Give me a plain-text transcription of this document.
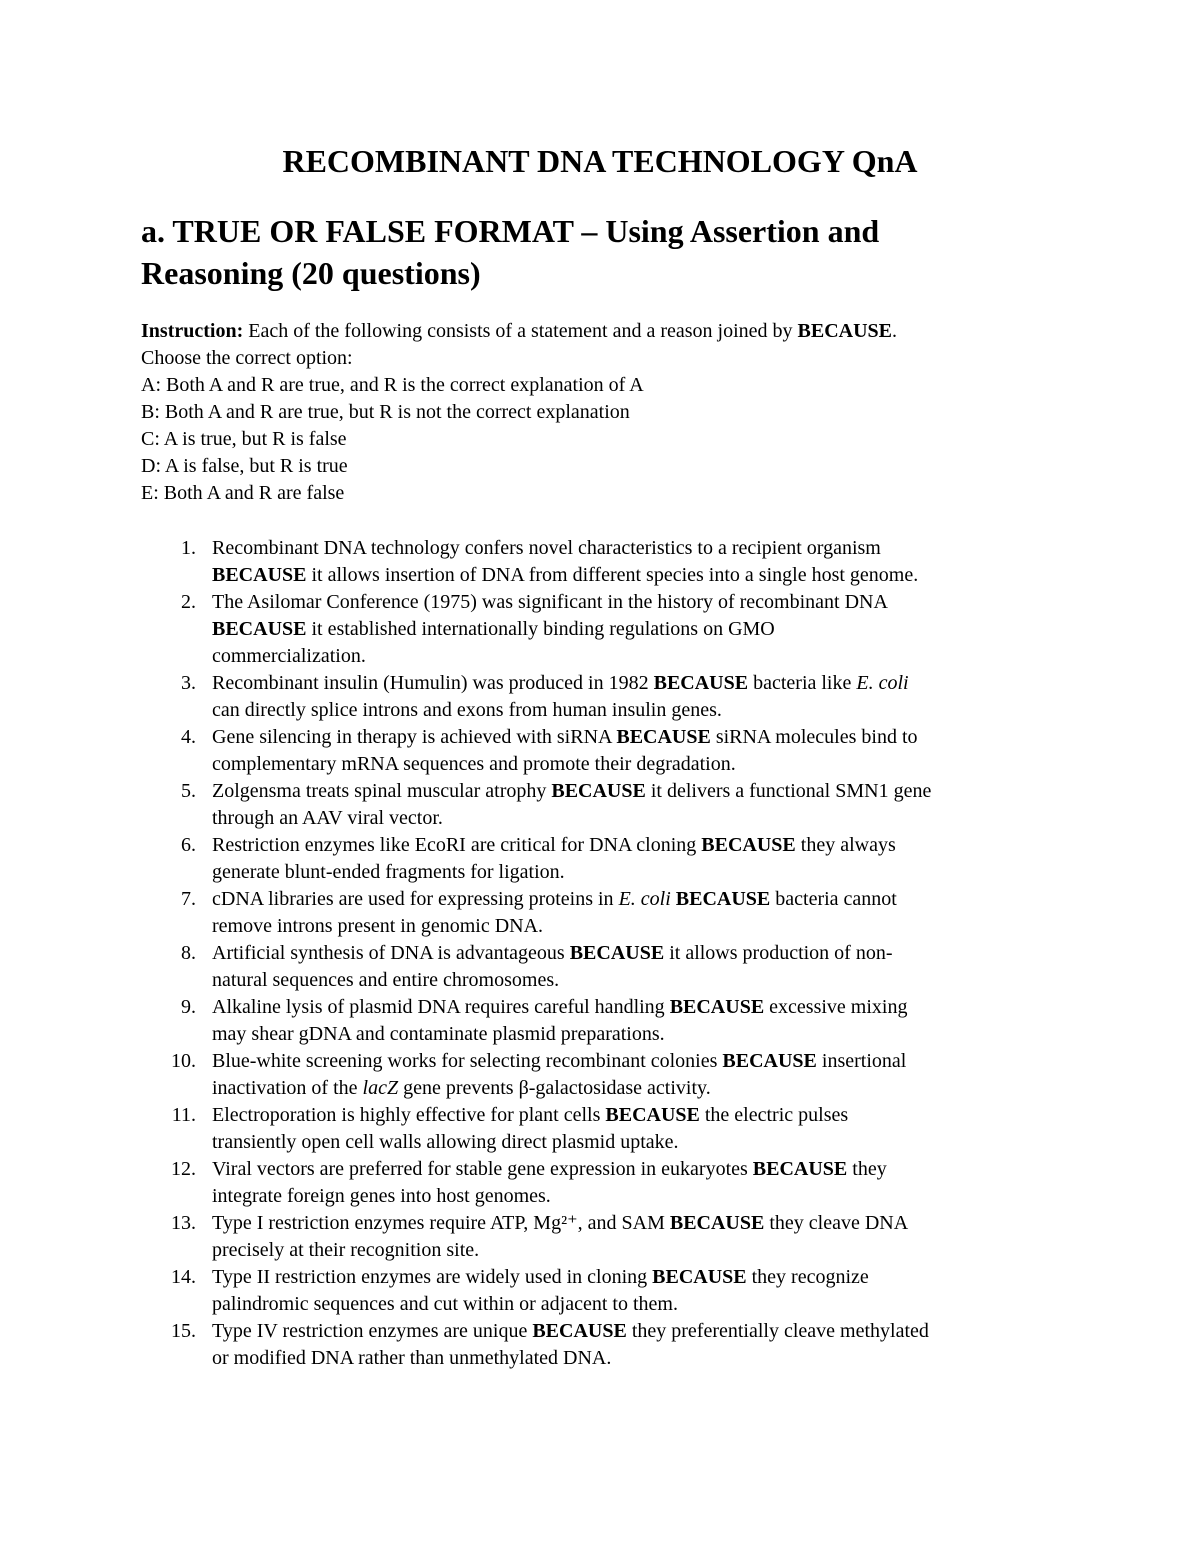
RECOMBINANT DNA TECHNOLOGY QnA
a. TRUE OR FALSE FORMAT – Using Assertion and
Reasoning (20 questions)
Instruction: Each of the following consists of a statement and a reason joined by BECAUSE.
Choose the correct option:
A: Both A and R are true, and R is the correct explanation of A
B: Both A and R are true, but R is not the correct explanation
C: A is true, but R is false
D: A is false, but R is true
E: Both A and R are false
1. Recombinant DNA technology confers novel characteristics to a recipient organism
BECAUSE it allows insertion of DNA from different species into a single host genome.
2. The Asilomar Conference (1975) was significant in the history of recombinant DNA
BECAUSE it established internationally binding regulations on GMO
commercialization.
3. Recombinant insulin (Humulin) was produced in 1982 BECAUSE bacteria like E. coli
can directly splice introns and exons from human insulin genes.
4. Gene silencing in therapy is achieved with siRNA BECAUSE siRNA molecules bind to
complementary mRNA sequences and promote their degradation.
5. Zolgensma treats spinal muscular atrophy BECAUSE it delivers a functional SMN1 gene
through an AAV viral vector.
6. Restriction enzymes like EcoRI are critical for DNA cloning BECAUSE they always
generate blunt-ended fragments for ligation.
7. cDNA libraries are used for expressing proteins in E. coli BECAUSE bacteria cannot
remove introns present in genomic DNA.
8. Artificial synthesis of DNA is advantageous BECAUSE it allows production of non-
natural sequences and entire chromosomes.
9. Alkaline lysis of plasmid DNA requires careful handling BECAUSE excessive mixing
may shear gDNA and contaminate plasmid preparations.
10. Blue-white screening works for selecting recombinant colonies BECAUSE insertional
inactivation of the lacZ gene prevents β-galactosidase activity.
11. Electroporation is highly effective for plant cells BECAUSE the electric pulses
transiently open cell walls allowing direct plasmid uptake.
12. Viral vectors are preferred for stable gene expression in eukaryotes BECAUSE they
integrate foreign genes into host genomes.
13. Type I restriction enzymes require ATP, Mg²⁺, and SAM BECAUSE they cleave DNA
precisely at their recognition site.
14. Type II restriction enzymes are widely used in cloning BECAUSE they recognize
palindromic sequences and cut within or adjacent to them.
15. Type IV restriction enzymes are unique BECAUSE they preferentially cleave methylated
or modified DNA rather than unmethylated DNA.
